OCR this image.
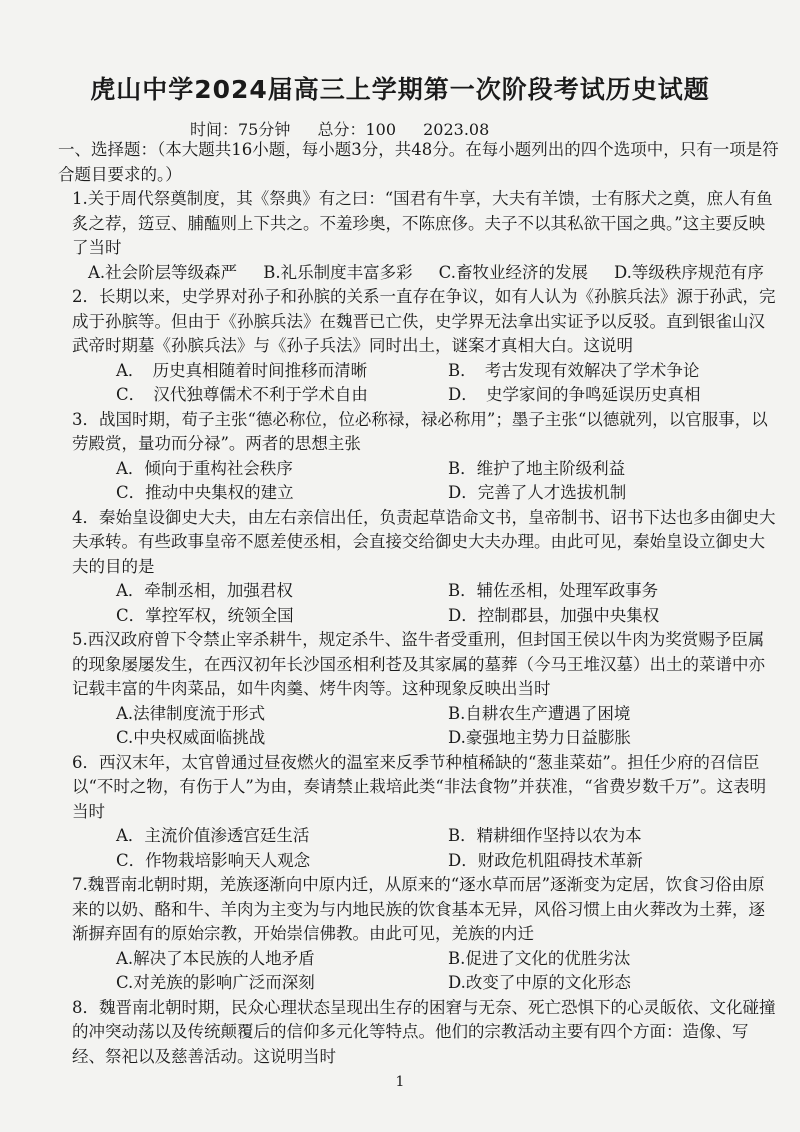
虎山中学2024届高三上学期第一次阶段考试历史试题
时间：75分钟 总分：100 2023.08

一、选择题：（本大题共16小题，每小题3分，共48分。在每小题列出的四个选项中，只有一项是符合题目要求的。）

1.关于周代祭奠制度，其《祭典》有之曰：“国君有牛享，大夫有羊馈，士有豚犬之奠，庶人有鱼炙之荐，笾豆、脯醢则上下共之。不羞珍奥，不陈庶侈。夫子不以其私欲干国之典。”这主要反映了当时

A.社会阶层等级森严	B.礼乐制度丰富多彩	C.畜牧业经济的发展	D.等级秩序规范有序

2．长期以来，史学界对孙子和孙膑的关系一直存在争议，如有人认为《孙膑兵法》源于孙武，完成于孙膑等。但由于《孙膑兵法》在魏晋已亡佚，史学界无法拿出实证予以反驳。直到银雀山汉武帝时期墓《孙膑兵法》与《孙子兵法》同时出土，谜案才真相大白。这说明

A．　历史真相随着时间推移而清晰	B．　考古发现有效解决了学术争论

C．　汉代独尊儒术不利于学术自由	D．　史学家间的争鸣延误历史真相

3．战国时期，荀子主张“德必称位，位必称禄，禄必称用”；墨子主张“以德就列，以官服事，以劳殿赏，量功而分禄”。两者的思想主张

A．倾向于重构社会秩序	B．维护了地主阶级利益

C．推动中央集权的建立	D．完善了人才选拔机制

4．秦始皇设御史大夫，由左右亲信出任，负责起草诰命文书，皇帝制书、诏书下达也多由御史大夫承转。有些政事皇帝不愿差使丞相，会直接交给御史大夫办理。由此可见，秦始皇设立御史大夫的目的是

A．牵制丞相，加强君权	B．辅佐丞相，处理军政事务

C．掌控军权，统领全国	D．控制郡县，加强中央集权

5.西汉政府曾下令禁止宰杀耕牛，规定杀牛、盗牛者受重刑，但封国王侯以牛肉为奖赏赐予臣属的现象屡屡发生，在西汉初年长沙国丞相利苍及其家属的墓葬（今马王堆汉墓）出土的菜谱中亦记载丰富的牛肉菜品，如牛肉羹、烤牛肉等。这种现象反映出当时

A.法律制度流于形式	B.自耕农生产遭遇了困境

C.中央权威面临挑战	D.豪强地主势力日益膨胀

6．西汉末年，太官曾通过昼夜燃火的温室来反季节种植稀缺的“葱韭菜茹”。担任少府的召信臣以“不时之物，有伤于人”为由，奏请禁止栽培此类“非法食物”并获准，“省费岁数千万”。这表明当时

A．主流价值渗透宫廷生活	B．精耕细作坚持以农为本

C．作物栽培影响天人观念	D．财政危机阻碍技术革新

7.魏晋南北朝时期，羌族逐渐向中原内迁，从原来的“逐水草而居”逐渐变为定居，饮食习俗由原来的以奶、酪和牛、羊肉为主变为与内地民族的饮食基本无异，风俗习惯上由火葬改为土葬，逐渐摒弃固有的原始宗教，开始崇信佛教。由此可见，羌族的内迁

A.解决了本民族的人地矛盾	B.促进了文化的优胜劣汰

C.对羌族的影响广泛而深刻	D.改变了中原的文化形态

8．魏晋南北朝时期，民众心理状态呈现出生存的困窘与无奈、死亡恐惧下的心灵皈依、文化碰撞的冲突动荡以及传统颠覆后的信仰多元化等特点。他们的宗教活动主要有四个方面：造像、写经、祭祀以及慈善活动。这说明当时

1
